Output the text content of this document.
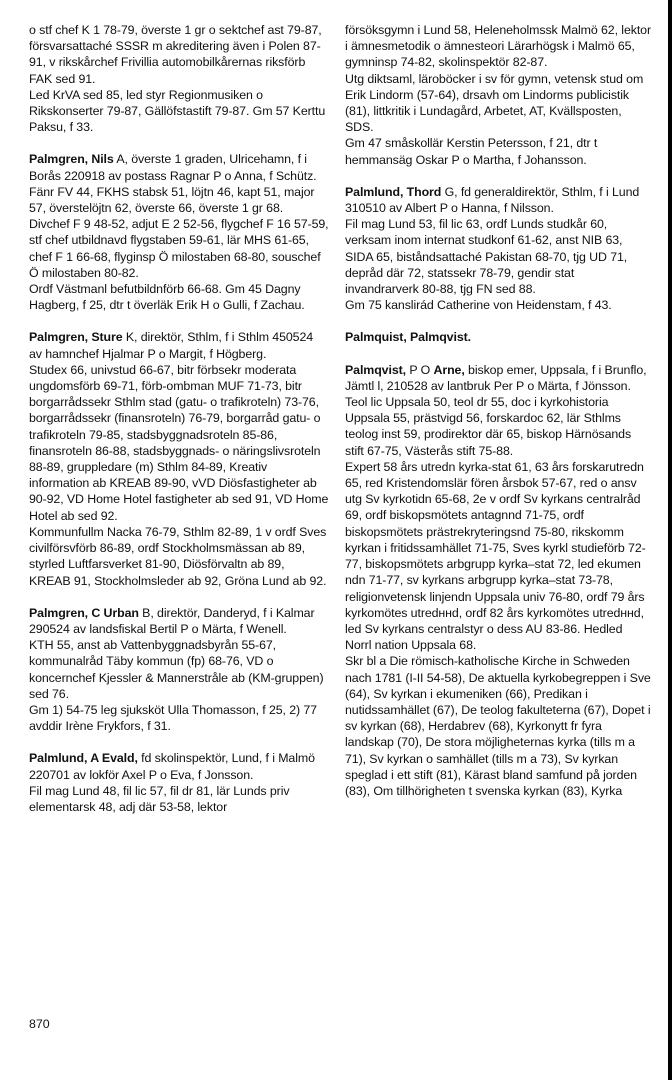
o stf chef K 1 78-79, överste 1 gr o sektchef ast 79-87, försvarsattaché SSSR m akreditering även i Polen 87-91, v rikskårchef Frivillia automobilkårernas riksförb FAK sed 91.

Led KrVA sed 85, led styr Regionmusiken o Rikskonserter 79-87, Gällöfstastift 79-87. Gm 57 Kerttu Paksu, f 33.

Palmgren, Nils A, överste 1 graden, Ulricehamn, f i Borås 220918 av postass Ragnar P o Anna, f Schütz.

Fänr FV 44, FKHS stabsk 51, löjtn 46, kapt 51, major 57, överstelöjtn 62, överste 66, överste 1 gr 68.

Divchef F 9 48-52, adjut E 2 52-56, flygchef F 16 57-59, stf chef utbildnavd flygstaben 59-61, lär MHS 61-65, chef F 1 66-68, flyginsp Ö milostaben 68-80, souschef Ö milostaben 80-82.

Ordf Västmanl befutbildnförb 66-68. Gm 45 Dagny Hagberg, f 25, dtr t överläk Erik H o Gulli, f Zachau.

Palmgren, Sture K, direktör, Sthlm, f i Sthlm 450524 av hamnchef Hjalmar P o Margit, f Högberg.

Studex 66, univstud 66-67, bitr förbsekr moderata ungdomsförb 69-71, förb-ombman MUF 71-73, bitr borgarrådssekr Sthlm stad (gatu- o trafikroteln) 73-76, borgarrådssekr (finansroteln) 76-79, borgarråd gatu- o trafikroteln 79-85, stadsbyggnadsroteln 85-86, finansroteln 86-88, stadsbyggnads- o näringslivsroteln 88-89, gruppledare (m) Sthlm 84-89, Kreativ information ab KREAB 89-90, vVD Diösfastigheter ab 90-92, VD Home Hotel fastigheter ab sed 91, VD Home Hotel ab sed 92.

Kommunfullm Nacka 76-79, Sthlm 82-89, 1 v ordf Sves civilförsvförb 86-89, ordf Stockholmsmässan ab 89, styrled Luftfarsverket 81-90, Diösförvaltn ab 89, KREAB 91, Stockholmsleder ab 92, Gröna Lund ab 92.

Palmgren, C Urban B, direktör, Danderyd, f i Kalmar 290524 av landsfiskal Bertil P o Märta, f Wenell.

KTH 55, anst ab Vattenbyggnadsbyrån 55-67, kommunalråd Täby kommun (fp) 68-76, VD o koncernchef Kjessler & Mannerstråle ab (KM-gruppen) sed 76.

Gm 1) 54-75 leg sjuksköt Ulla Thomasson, f 25, 2) 77 avddir Irène Frykfors, f 31.

Palmlund, A Evald, fd skolinspektör, Lund, f i Malmö 220701 av lokför Axel P o Eva, f Jonsson.

Fil mag Lund 48, fil lic 57, fil dr 81, lär Lunds priv elementarsk 48, adj där 53-58, lektor

försöksgymn i Lund 58, Heleneholmssk Malmö 62, lektor i ämnesmetodik o ämnesteori Lärarhögsk i Malmö 65, gymninsp 74-82, skolinspektör 82-87.

Utg diktsaml, läroböcker i sv för gymn, vetensk stud om Erik Lindorm (57-64), drsavh om Lindorms publicistik (81), littkritik i Lundagård, Arbetet, AT, Kvällsposten, SDS.

Gm 47 småskollär Kerstin Petersson, f 21, dtr t hemmansäg Oskar P o Martha, f Johansson.

Palmlund, Thord G, fd generaldirektör, Sthlm, f i Lund 310510 av Albert P o Hanna, f Nilsson.

Fil mag Lund 53, fil lic 63, ordf Lunds studkår 60, verksam inom internat studkonf 61-62, anst NIB 63, SIDA 65, biståndsattaché Pakistan 68-70, tjg UD 71, depråd där 72, statssekr 78-79, gendir stat invandrarverk 80-88, tjg FN sed 88.

Gm 75 kanslirád Catherine von Heidenstam, f 43.

Palmquist, Palmqvist.

Palmqvist, P O Arne, biskop emer, Uppsala, f i Brunflo, Jämtl l, 210528 av lantbruk Per P o Märta, f Jönsson.

Teol lic Uppsala 50, teol dr 55, doc i kyrkohistoria Uppsala 55, prästvigd 56, forskardoc 62, lär Sthlms teolog inst 59, prodirektor där 65, biskop Härnösands stift 67-75, Västerås stift 75-88.

Expert 58 års utredn kyrka-stat 61, 63 års forskarutredn 65, red Kristendomslär fören årsbok 57-67, red o ansv utg Sv kyrkotidn 65-68, 2e v ordf Sv kyrkans centralråd 69, ordf biskopsmötets antagnnd 71-75, ordf biskopsmötets prästrekryteringsnd 75-80, rikskomm kyrkan i fritidssamhället 71-75, Sves kyrkl studieförb 72-77, biskopsmötets arbgrupp kyrka–stat 72, led ekumen ndn 71-77, sv kyrkans arbgrupp kyrka–stat 73-78, religionvetensk linjendn Uppsala univ 76-80, ordf 79 års kyrkomötes utredннd, ordf 82 års kyrkomötes utredннd, led Sv kyrkans centralstyr o dess AU 83-86. Hedled Norrl nation Uppsala 68.

Skr bl a Die römisch-katholische Kirche in Schweden nach 1781 (I-II 54-58), De aktuella kyrkobegreppen i Sve (64), Sv kyrkan i ekumeniken (66), Predikan i nutidssamhället (67), De teolog fakulteterna (67), Dopet i sv kyrkan (68), Herdabrev (68), Kyrkonytt fr fyra landskap (70), De stora möjligheternas kyrka (tills m a 71), Sv kyrkan o samhället (tills m a 73), Sv kyrkan speglad i ett stift (81), Kärast bland samfund på jorden (83), Om tillhörigheten t svenska kyrkan (83), Kyrka

870
